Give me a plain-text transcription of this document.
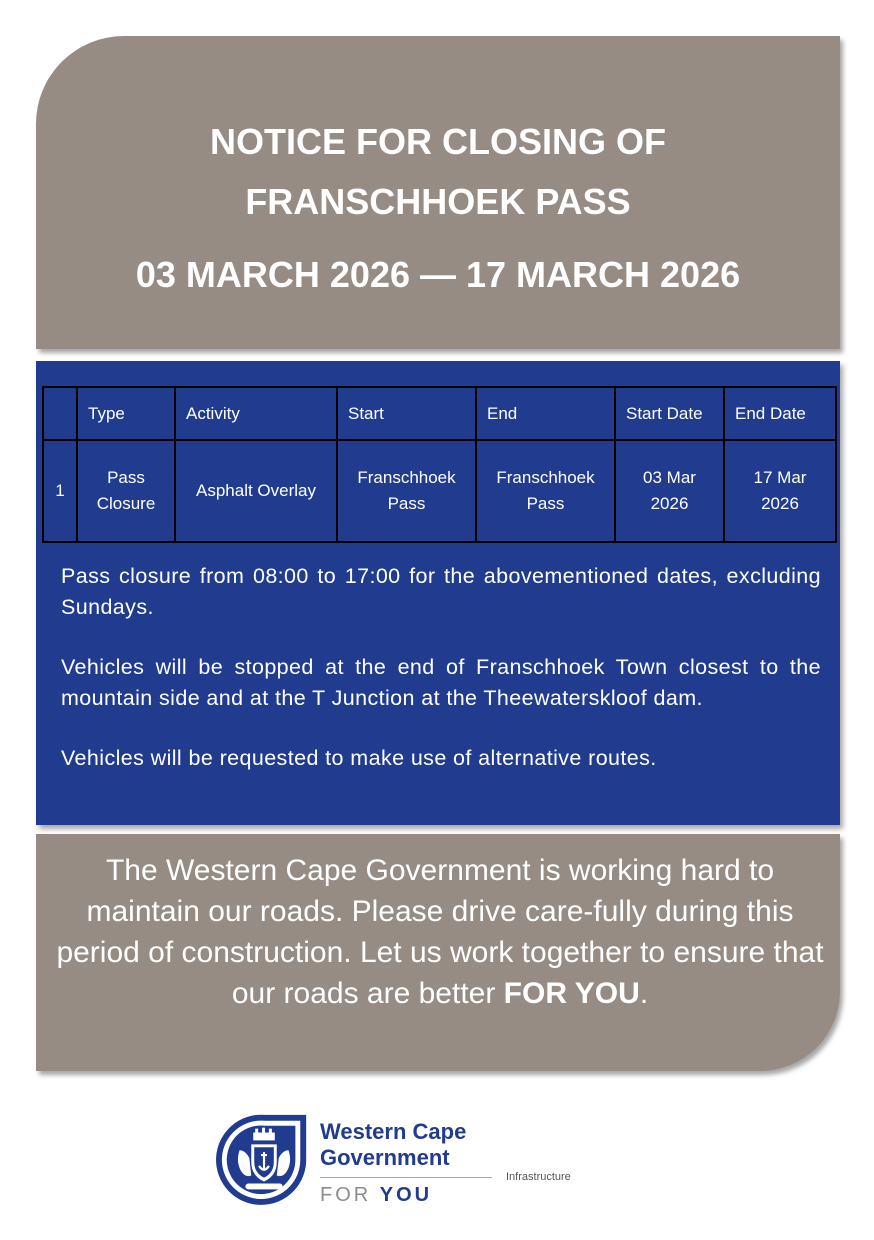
NOTICE FOR CLOSING OF
FRANSCHHOEK PASS
03 MARCH 2026 — 17 MARCH 2026
	Type	Activity	Start	End	Start Date	End Date
1	Pass Closure	Asphalt Overlay	Franschhoek Pass	Franschhoek Pass	03 Mar 2026	17 Mar 2026

Pass closure from 08:00 to 17:00 for the abovementioned dates, excluding Sundays.

Vehicles will be stopped at the end of Franschhoek Town closest to the mountain side and at the T Junction at the Theewaterskloof dam.

Vehicles will be requested to make use of alternative routes.

The Western Cape Government is working hard to maintain our roads. Please drive care-fully during this period of construction. Let us work together to ensure that our roads are better FOR YOU.
Western Cape
Government
FOR YOU
Infrastructure
